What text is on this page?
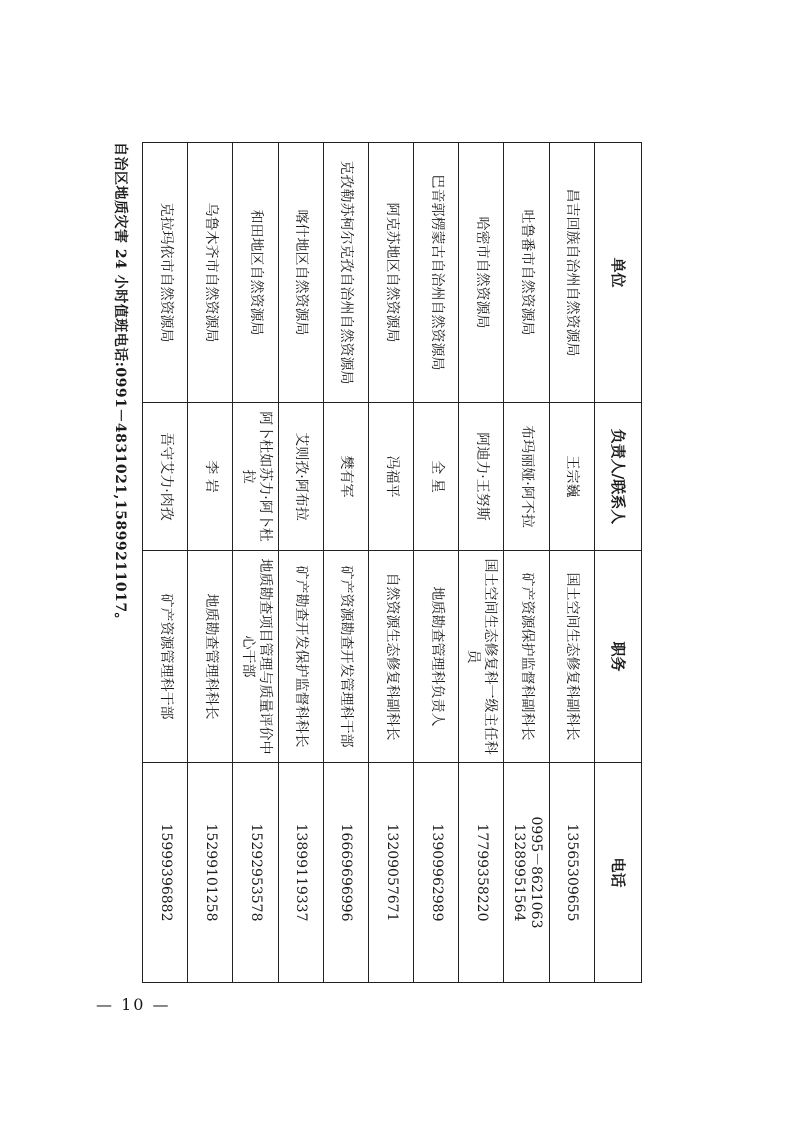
单位	负责人/联系人	职务	电话
昌吉回族自治州自然资源局	王宗巍	国土空间生态修复科副科长	13565309655
吐鲁番市自然资源局	布玛丽娅·阿不拉	矿产资源保护监督科副科长	0995－8621063 13289951564
哈密市自然资源局	阿迪力·王努斯	国土空间生态修复科一级主任科员	17799358220
巴音郭楞蒙古自治州自然资源局	全 星	地质勘查管理科负责人	13909962989
阿克苏地区自然资源局	冯福平	自然资源生态修复科副科长	13209057671
克孜勒苏柯尔克孜自治州自然资源局	樊有军	矿产资源勘查开发管理科干部	16669696996
喀什地区自然资源局	艾则孜·阿布拉	矿产勘查开发保护监督科科长	13899119337
和田地区自然资源局	阿卜杜如苏力·阿卜杜拉	地质勘查项目管理与质量评价中心干部	15292953578
乌鲁木齐市自然资源局	李 岩	地质勘查管理科科长	15299101258
克拉玛依市自然资源局	吾守艾力·肉孜	矿产资源管理科干部	15999396882
自治区地质灾害 24 小时值班电话:0991－4831021,15899211017。
— 10 —
